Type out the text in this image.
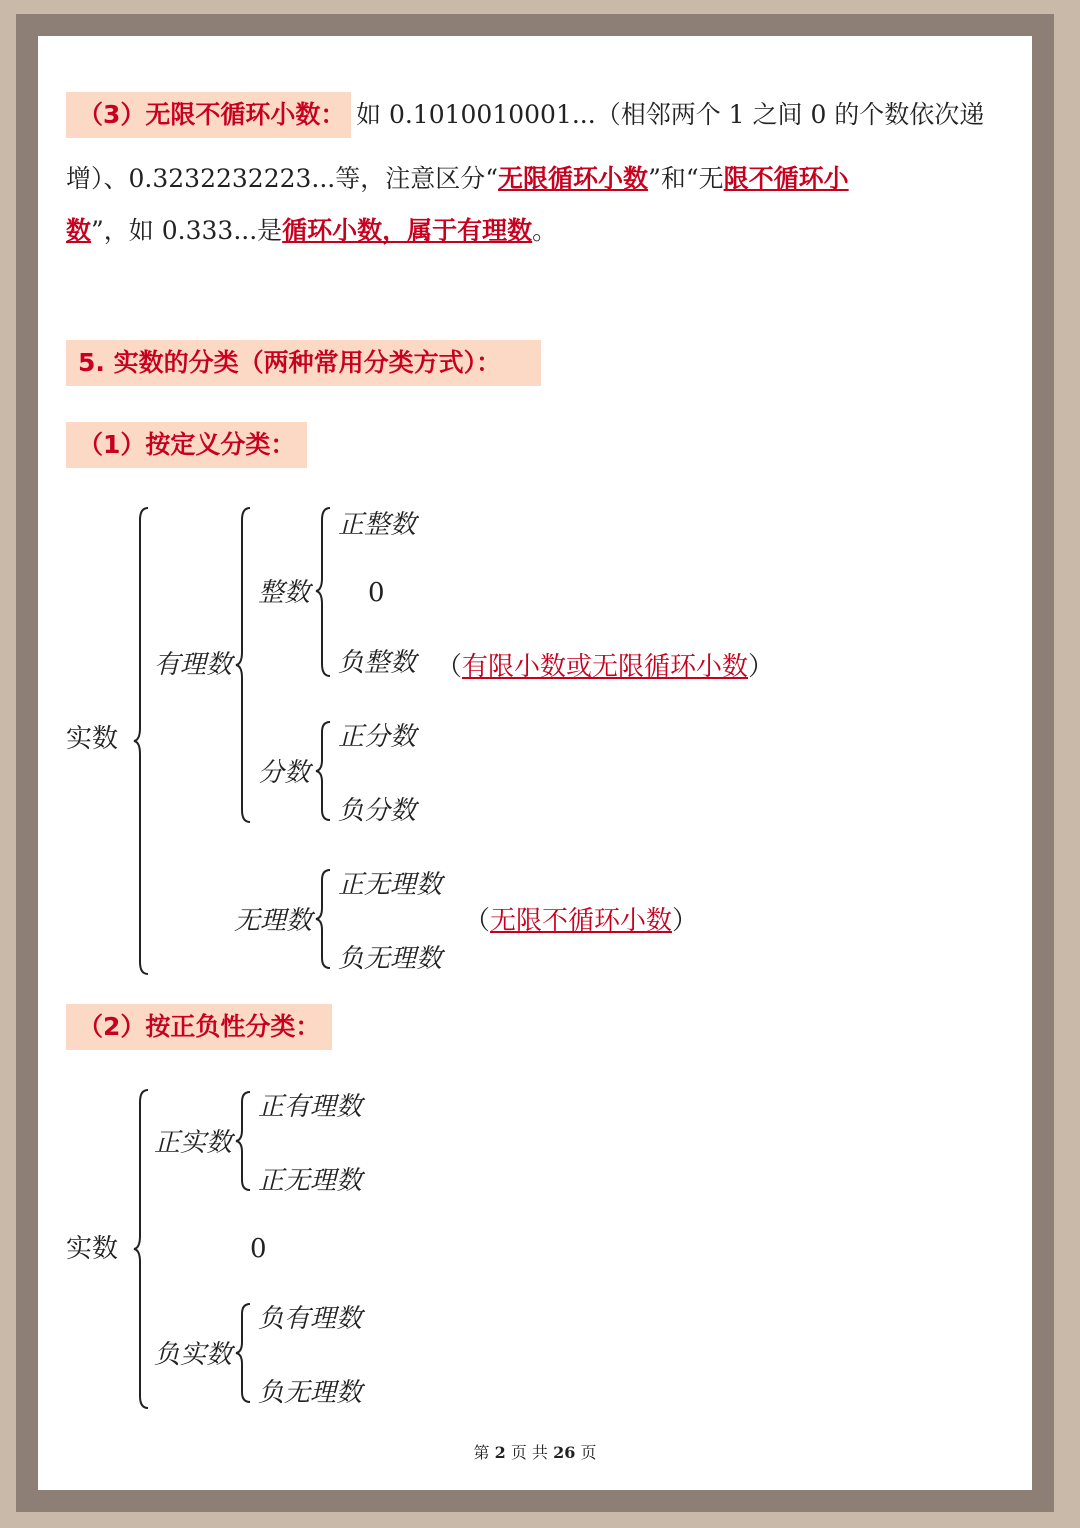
（3）无限不循环小数： 如 0.1010010001...（相邻两个 1 之间 0 的个数依次递
增）、0.3232232223...等，注意区分“无限循环小数”和“无限不循环小
数”，如 0.333...是循环小数，属于有理数。
5. 实数的分类（两种常用分类方式）：
（1）按定义分类：
实数
有理数
整数
正整数
0
负整数 （有限小数或无限循环小数）
分数
正分数
负分数
无理数
正无理数
负无理数
（无限不循环小数）
（2）按正负性分类：
实数
正实数
正有理数
正无理数
0
负实数
负有理数
负无理数
第 2 页 共 26 页
